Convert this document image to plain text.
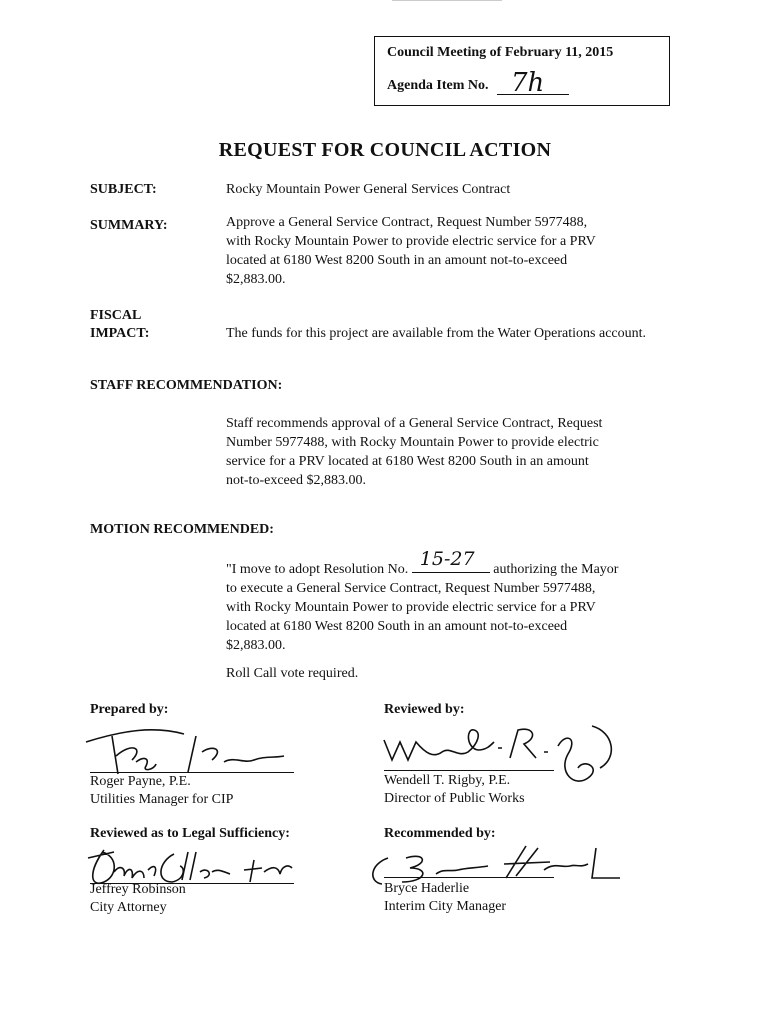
Council Meeting of February 11, 2015
Agenda Item No. 7h
REQUEST FOR COUNCIL ACTION
SUBJECT:	Rocky Mountain Power General Services Contract
SUMMARY:	Approve a General Service Contract, Request Number 5977488,
with Rocky Mountain Power to provide electric service for a PRV
located at 6180 West 8200 South in an amount not-to-exceed
$2,883.00.
FISCAL
IMPACT:	The funds for this project are available from the Water Operations account.
STAFF RECOMMENDATION:
Staff recommends approval of a General Service Contract, Request
Number 5977488, with Rocky Mountain Power to provide electric
service for a PRV located at 6180 West 8200 South in an amount
not-to-exceed $2,883.00.
MOTION RECOMMENDED:
"I move to adopt Resolution No. 15-27 authorizing the Mayor
to execute a General Service Contract, Request Number 5977488,
with Rocky Mountain Power to provide electric service for a PRV
located at 6180 West 8200 South in an amount not-to-exceed
$2,883.00.
Roll Call vote required.
Prepared by:
Roger Payne, P.E.
Utilities Manager for CIP
Reviewed by:
Wendell T. Rigby, P.E.
Director of Public Works
Reviewed as to Legal Sufficiency:
Jeffrey Robinson
City Attorney
Recommended by:
Bryce Haderlie
Interim City Manager
